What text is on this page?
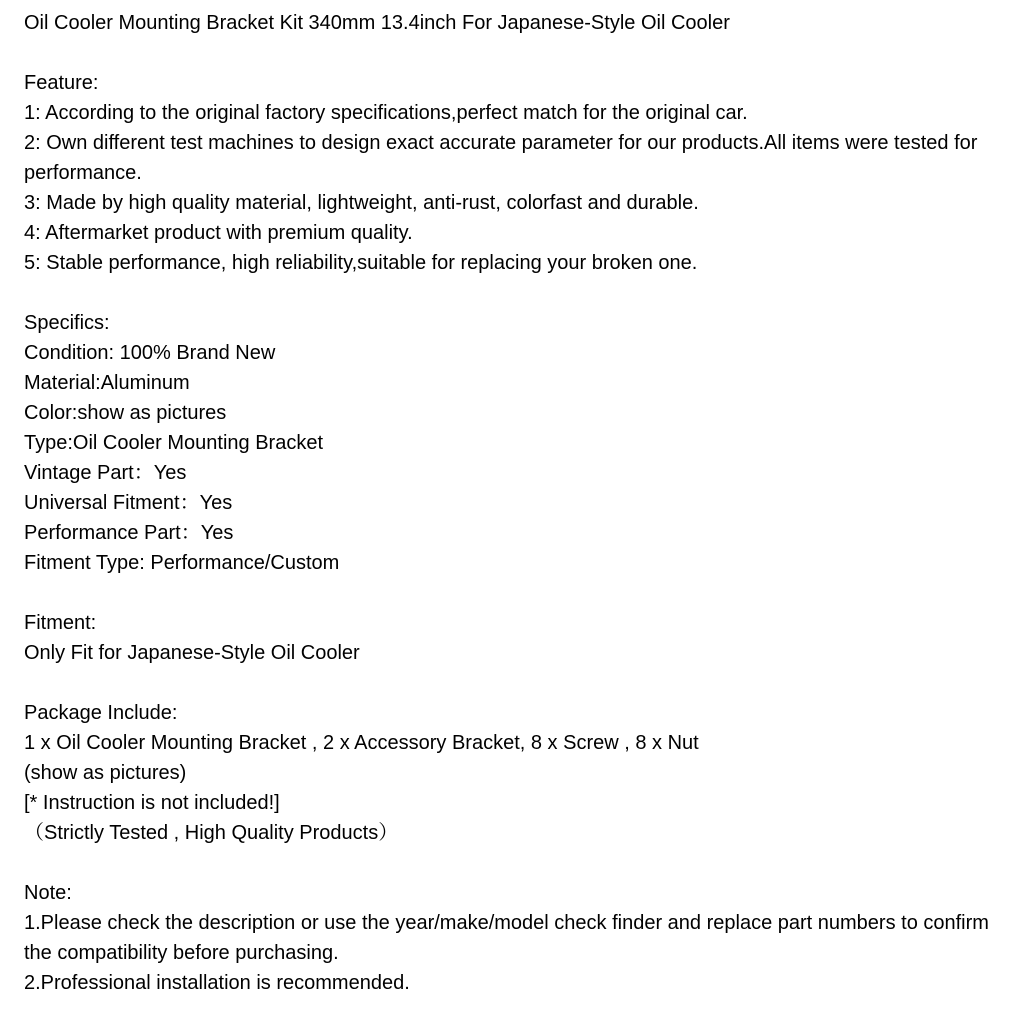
Oil Cooler Mounting Bracket Kit 340mm 13.4inch For Japanese-Style Oil Cooler

Feature:

1: According to the original factory specifications,perfect match for the original car.

2: Own different test machines to design exact accurate parameter for our products.All items were tested for performance.

3: Made by high quality material, lightweight, anti-rust, colorfast and durable.

4: Aftermarket product with premium quality.

5: Stable performance, high reliability,suitable for replacing your broken one.

Specifics:

Condition: 100% Brand New

Material:Aluminum

Color:show as pictures

Type:Oil Cooler Mounting Bracket

Vintage Part：Yes

Universal Fitment：Yes

Performance Part：Yes

Fitment Type: Performance/Custom

Fitment:

Only Fit for Japanese-Style Oil Cooler

Package Include:

1 x Oil Cooler Mounting Bracket , 2 x Accessory Bracket, 8 x Screw , 8 x Nut

(show as pictures)

[* Instruction is not included!]

（Strictly Tested , High Quality Products）

Note:

1.Please check the description or use the year/make/model check finder and replace part numbers to confirm the compatibility before purchasing.

2.Professional installation is recommended.
